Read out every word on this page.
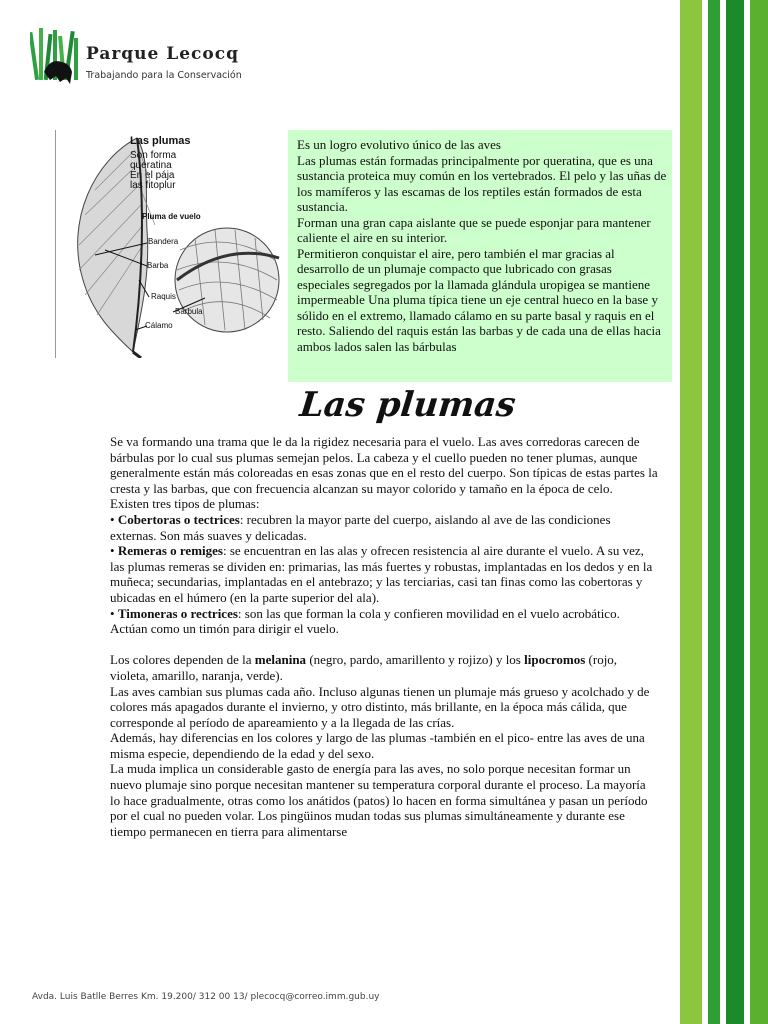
Parque Lecocq
Trabajando para la Conservación
Las plumas
Son forma
queratina
En el pája
las fitoplur
Pluma de vuelo
Bandera
Barba
Raquis
Bárbula
Cálamo

Es un logro evolutivo único de las aves

Las plumas están formadas principalmente por queratina, que es una sustancia proteica muy común en los vertebrados. El pelo y las uñas de los mamíferos y las escamas de los reptiles están formados de esta sustancia.

Forman una gran capa aislante que se puede esponjar para mantener caliente el aire en su interior.

Permitieron conquistar el aire, pero también el mar gracias al desarrollo de un plumaje compacto que lubricado con grasas especiales segregados por la llamada glándula uropigea se mantiene impermeable Una pluma típica tiene un eje central hueco en la base y sólido en el extremo, llamado cálamo en su parte basal y raquis en el resto. Saliendo del raquis están las barbas y de cada una de ellas hacia ambos lados salen las bárbulas

Las plumas

Se va formando una trama que le da la rigidez necesaria para el vuelo. Las aves corredoras carecen de bárbulas por lo cual sus plumas semejan pelos. La cabeza y el cuello pueden no tener plumas, aunque generalmente están más coloreadas en esas zonas que en el resto del cuerpo. Son típicas de estas partes la cresta y las barbas, que con frecuencia alcanzan su mayor colorido y tamaño en la época de celo.

Existen tres tipos de plumas:

• Cobertoras o tectrices: recubren la mayor parte del cuerpo, aislando al ave de las condiciones externas. Son más suaves y delicadas.

• Remeras o remiges: se encuentran en las alas y ofrecen resistencia al aire durante el vuelo. A su vez, las plumas remeras se dividen en: primarias, las más fuertes y robustas, implantadas en los dedos y en la muñeca; secundarias, implantadas en el antebrazo; y las terciarias, casi tan finas como las cobertoras y ubicadas en el húmero (en la parte superior del ala).

• Timoneras o rectrices: son las que forman la cola y confieren movilidad en el vuelo acrobático. Actúan como un timón para dirigir el vuelo.

Los colores dependen de la melanina (negro, pardo, amarillento y rojizo) y los lipocromos (rojo, violeta, amarillo, naranja, verde).

Las aves cambian sus plumas cada año. Incluso algunas tienen un plumaje más grueso y acolchado y de colores más apagados durante el invierno, y otro distinto, más brillante, en la época más cálida, que corresponde al período de apareamiento y a la llegada de las crías.

Además, hay diferencias en los colores y largo de las plumas -también en el pico- entre las aves de una misma especie, dependiendo de la edad y del sexo.

La muda implica un considerable gasto de energía para las aves, no solo porque necesitan formar un nuevo plumaje sino porque necesitan mantener su temperatura corporal durante el proceso. La mayoría lo hace gradualmente, otras como los anátidos (patos) lo hacen en forma simultánea y pasan un período por el cual no pueden volar. Los pingüinos mudan todas sus plumas simultáneamente y durante ese tiempo permanecen en tierra para alimentarse

Avda. Luis Batlle Berres Km. 19.200/ 312 00 13/ plecocq@correo.imm.gub.uy
